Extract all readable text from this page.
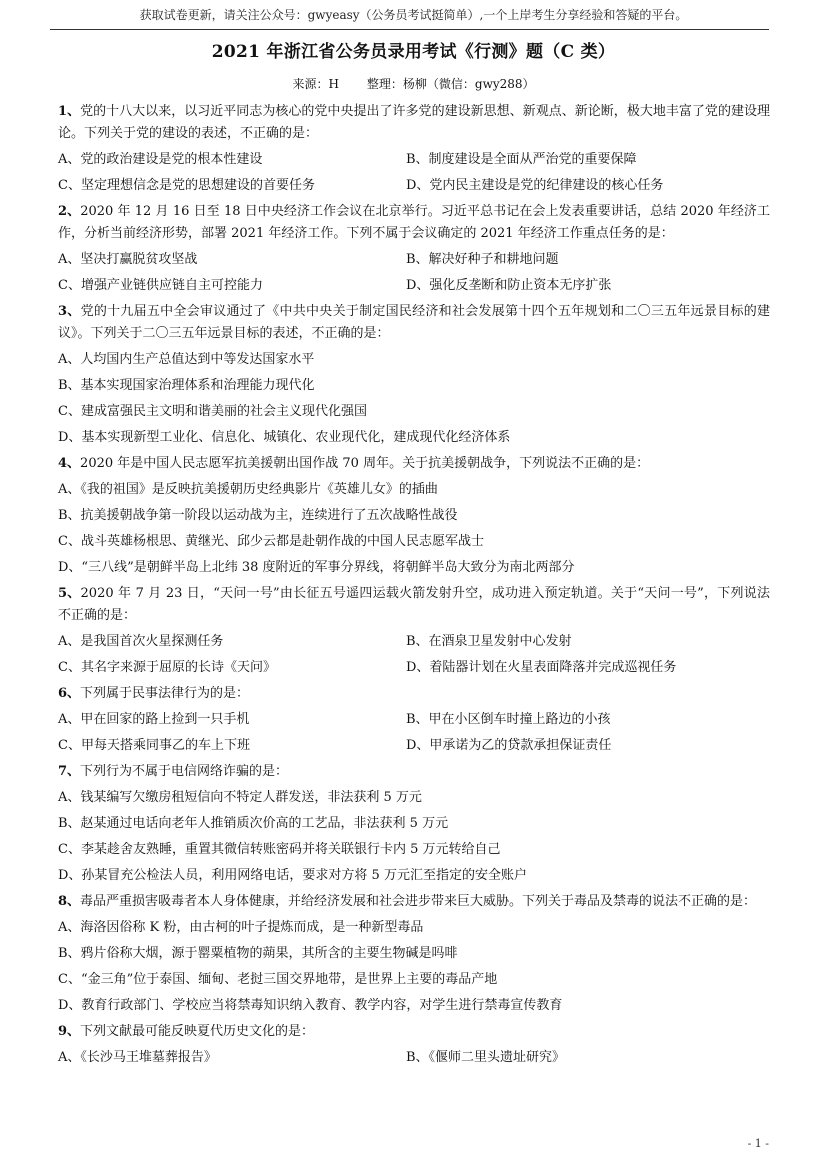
获取试卷更新，请关注公众号：gwyeasy（公务员考试挺简单）,一个上岸考生分享经验和答疑的平台。
2021 年浙江省公务员录用考试《行测》题（C 类）
来源：H 整理：杨柳（微信：gwy288）
1、党的十八大以来，以习近平同志为核心的党中央提出了许多党的建设新思想、新观点、新论断，极大地丰富了党的建设理论。下列关于党的建设的表述，不正确的是：
A、党的政治建设是党的根本性建设	B、制度建设是全面从严治党的重要保障
C、坚定理想信念是党的思想建设的首要任务	D、党内民主建设是党的纪律建设的核心任务
2、2020 年 12 月 16 日至 18 日中央经济工作会议在北京举行。习近平总书记在会上发表重要讲话，总结 2020 年经济工作，分析当前经济形势，部署 2021 年经济工作。下列不属于会议确定的 2021 年经济工作重点任务的是：
A、坚决打赢脱贫攻坚战	B、解决好种子和耕地问题
C、增强产业链供应链自主可控能力	D、强化反垄断和防止资本无序扩张
3、党的十九届五中全会审议通过了《中共中央关于制定国民经济和社会发展第十四个五年规划和二〇三五年远景目标的建议》。下列关于二〇三五年远景目标的表述，不正确的是：
A、人均国内生产总值达到中等发达国家水平
B、基本实现国家治理体系和治理能力现代化
C、建成富强民主文明和谐美丽的社会主义现代化强国
D、基本实现新型工业化、信息化、城镇化、农业现代化，建成现代化经济体系
4、2020 年是中国人民志愿军抗美援朝出国作战 70 周年。关于抗美援朝战争，下列说法不正确的是：
A、《我的祖国》是反映抗美援朝历史经典影片《英雄儿女》的插曲
B、抗美援朝战争第一阶段以运动战为主，连续进行了五次战略性战役
C、战斗英雄杨根思、黄继光、邱少云都是赴朝作战的中国人民志愿军战士
D、“三八线”是朝鲜半岛上北纬 38 度附近的军事分界线，将朝鲜半岛大致分为南北两部分
5、2020 年 7 月 23 日，“天问一号”由长征五号遥四运载火箭发射升空，成功进入预定轨道。关于“天问一号”，下列说法不正确的是：
A、是我国首次火星探测任务	B、在酒泉卫星发射中心发射
C、其名字来源于屈原的长诗《天问》	D、着陆器计划在火星表面降落并完成巡视任务
6、下列属于民事法律行为的是：
A、甲在回家的路上捡到一只手机	B、甲在小区倒车时撞上路边的小孩
C、甲每天搭乘同事乙的车上下班	D、甲承诺为乙的贷款承担保证责任
7、下列行为不属于电信网络诈骗的是：
A、钱某编写欠缴房租短信向不特定人群发送，非法获利 5 万元
B、赵某通过电话向老年人推销质次价高的工艺品，非法获利 5 万元
C、李某趁舍友熟睡，重置其微信转账密码并将关联银行卡内 5 万元转给自己
D、孙某冒充公检法人员，利用网络电话，要求对方将 5 万元汇至指定的安全账户
8、毒品严重损害吸毒者本人身体健康，并给经济发展和社会进步带来巨大威胁。下列关于毒品及禁毒的说法不正确的是：
A、海洛因俗称 K 粉，由古柯的叶子提炼而成，是一种新型毒品
B、鸦片俗称大烟，源于罂粟植物的蒴果，其所含的主要生物碱是吗啡
C、“金三角”位于泰国、缅甸、老挝三国交界地带，是世界上主要的毒品产地
D、教育行政部门、学校应当将禁毒知识纳入教育、教学内容，对学生进行禁毒宣传教育
9、下列文献最可能反映夏代历史文化的是：
A、《长沙马王堆墓葬报告》	B、《偃师二里头遗址研究》
- 1 -
